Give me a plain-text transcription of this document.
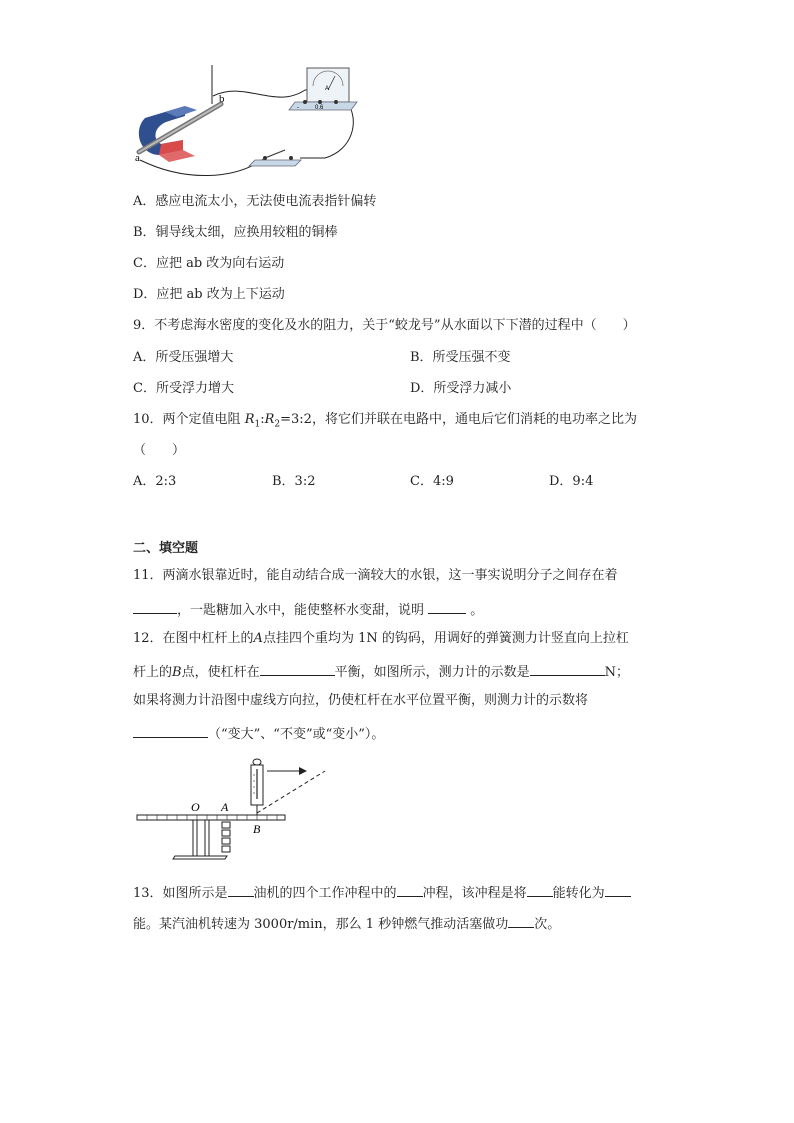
b
a
A
-	0.6
A．感应电流太小，无法使电流表指针偏转
B．铜导线太细，应换用较粗的铜棒
C．应把 ab 改为向右运动
D．应把 ab 改为上下运动
9．不考虑海水密度的变化及水的阻力，关于“蛟龙号”从水面以下下潜的过程中（　　）
A．所受压强增大	B．所受压强不变
C．所受浮力增大	D．所受浮力减小
10．两个定值电阻 $R_1:R_2=3:2$，将它们并联在电路中，通电后它们消耗的电功率之比为
（　　）
A．2:3	B．3:2	C．4:9	D．9:4
二、填空题
11．两滴水银靠近时，能自动结合成一滴较大的水银，这一事实说明分子之间存在着
，一匙糖加入水中，能使整杯水变甜，说明	。
12．在图中杠杆上的A点挂四个重均为 1N 的钩码，用调好的弹簧测力计竖直向上拉杠
杆上的B点，使杠杆在	平衡，如图所示，测力计的示数是	N；
如果将测力计沿图中虚线方向拉，仍使杠杆在水平位置平衡，则测力计的示数将
（“变大”、“不变”或“变小”）。
O A
B
13．如图所示是 油机的四个工作冲程中的 冲程，该冲程是将 能转化为
能。某汽油机转速为 3000r/min，那么 1 秒钟燃气推动活塞做功 次。
